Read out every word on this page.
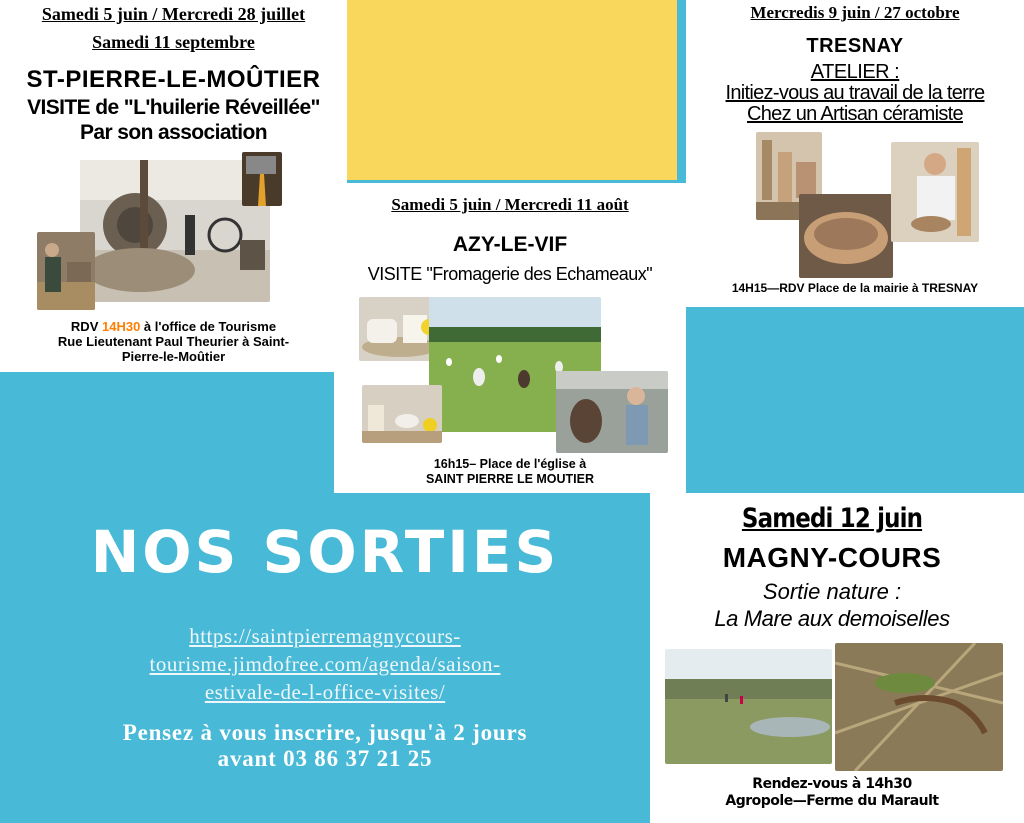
Samedi 5 juin / Mercredi 28 juillet
Samedi 11 septembre
ST-PIERRE-LE-MOÛTIER
VISITE de "L'huilerie Réveillée"
Par son association
RDV 14H30 à l'office de Tourisme
Rue Lieutenant Paul Theurier à Saint-
Pierre-le-Moûtier
Samedi 5 juin / Mercredi 11 août
AZY-LE-VIF
VISITE "Fromagerie des Echameaux"
16h15– Place de l'église à
SAINT PIERRE LE MOUTIER
Mercredis 9 juin / 27 octobre
TRESNAY
ATELIER :
Initiez-vous au travail de la terre
Chez un Artisan céramiste
14H15—RDV Place de la mairie à TRESNAY
Samedi 12 juin
MAGNY-COURS
Sortie nature :
La Mare aux demoiselles
Rendez-vous à 14h30
Agropole—Ferme du Marault
NOS SORTIES
https://saintpierremagnycours-
tourisme.jimdofree.com/agenda/saison-
estivale-de-l-office-visites/
Pensez à vous inscrire, jusqu'à 2 jours
avant 03 86 37 21 25
